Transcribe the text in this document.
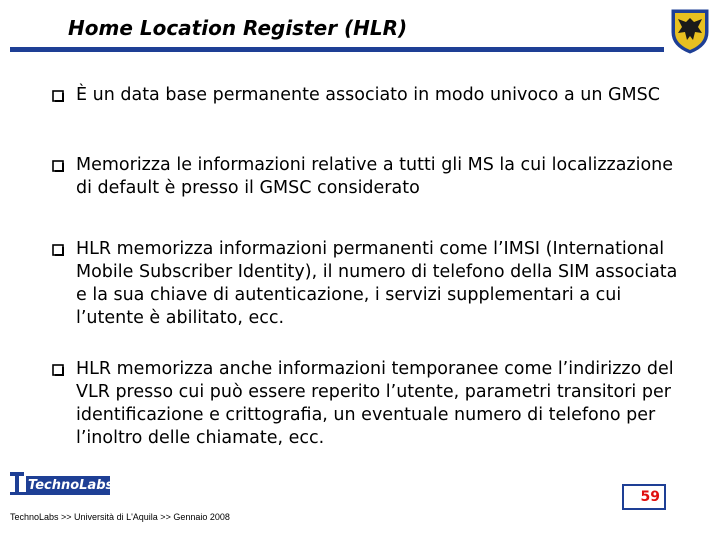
Home Location Register (HLR)
È un data base permanente associato in modo univoco a un GMSC
Memorizza le informazioni relative a tutti gli MS la cui localizzazione di default è presso il GMSC considerato
HLR memorizza informazioni permanenti come l’IMSI (International Mobile Subscriber Identity), il numero di telefono della SIM associata e la sua chiave di autenticazione, i servizi supplementari a cui l’utente è abilitato, ecc.
HLR memorizza anche informazioni temporanee come l’indirizzo del VLR presso cui può essere reperito l’utente, parametri transitori per identificazione e crittografia, un eventuale numero di telefono per l’inoltro delle chiamate, ecc.
TechnoLabs
TechnoLabs >> Università di L'Aquila >> Gennaio 2008
59
